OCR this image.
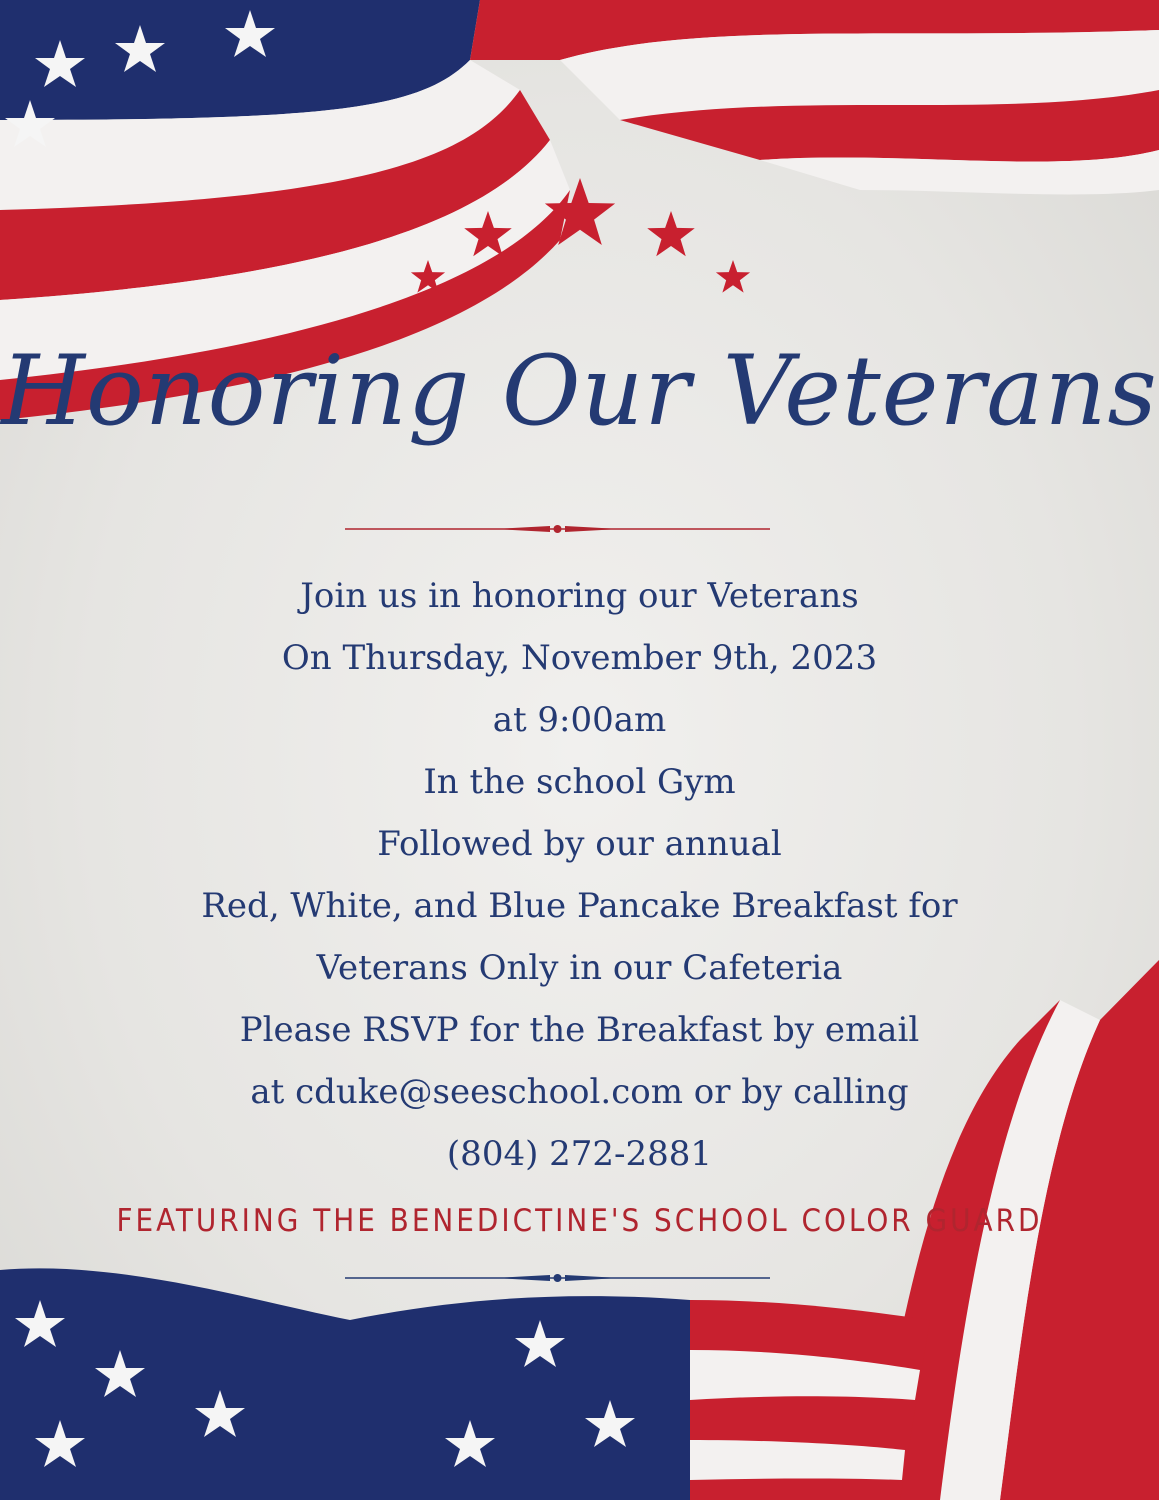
Honoring Our Veterans
Join us in honoring our Veterans
On Thursday, November 9th, 2023
at 9:00am
In the school Gym
Followed by our annual
Red, White, and Blue Pancake Breakfast for
Veterans Only in our Cafeteria
Please RSVP for the Breakfast by email
at cduke@seeschool.com or by calling
(804) 272-2881
FEATURING THE BENEDICTINE'S SCHOOL COLOR GUARD
